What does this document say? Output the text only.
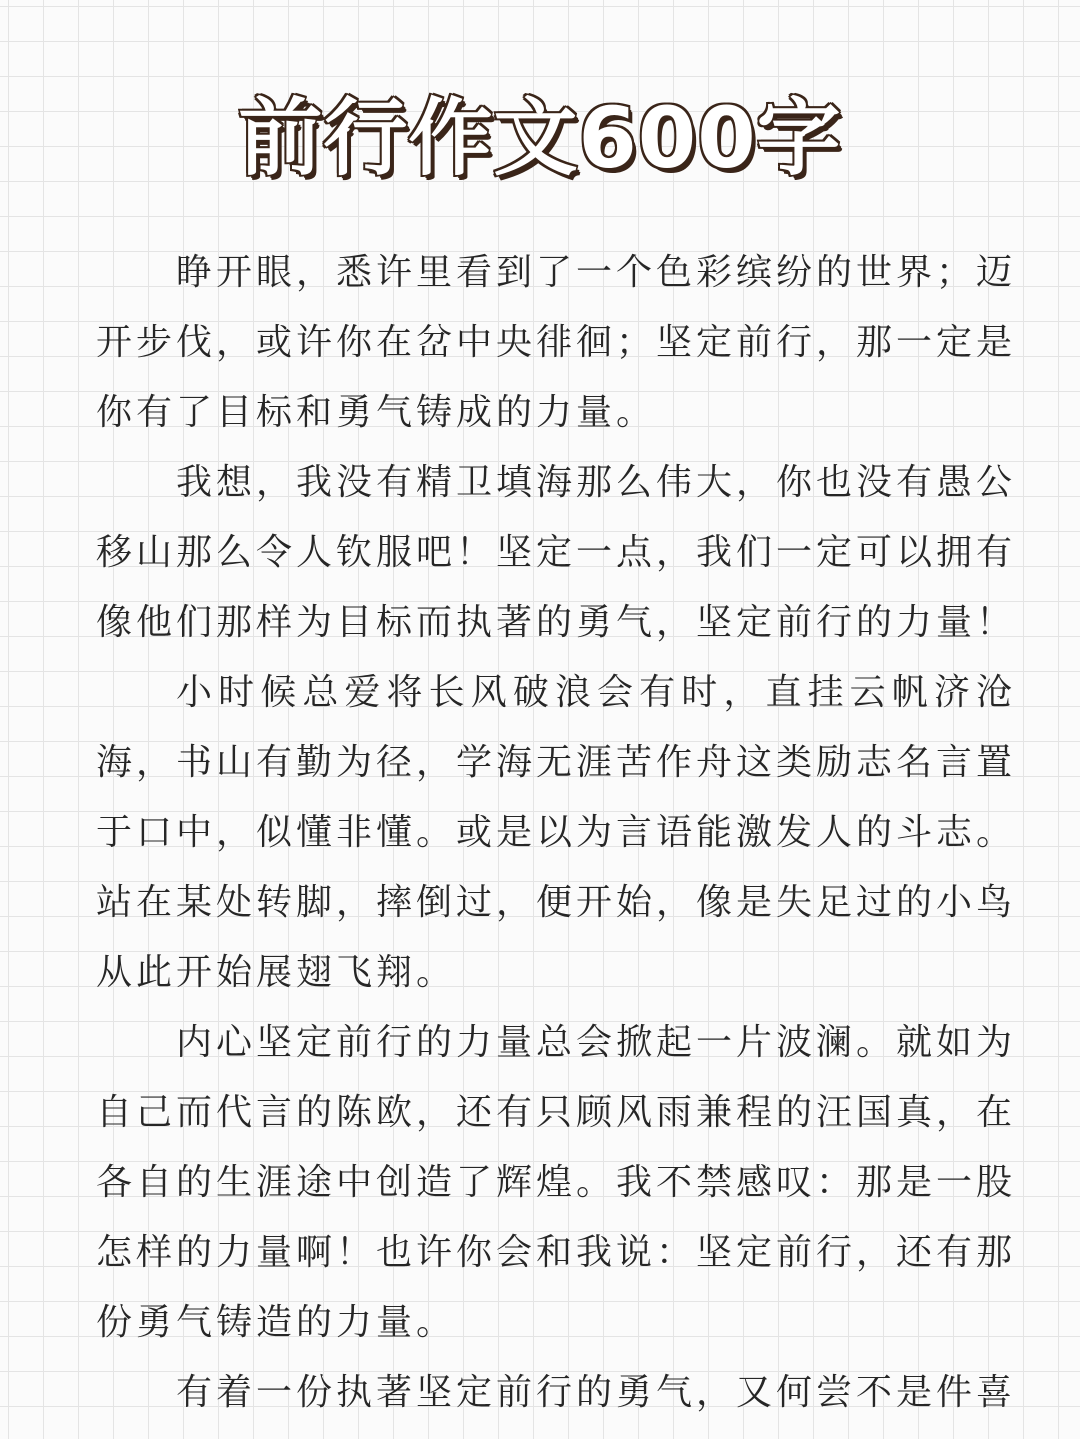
前行作文600字

睁开眼，悉许里看到了一个色彩缤纷的世界；迈开步伐，或许你在岔中央徘徊；坚定前行，那一定是你有了目标和勇气铸成的力量。

我想，我没有精卫填海那么伟大，你也没有愚公移山那么令人钦服吧！坚定一点，我们一定可以拥有像他们那样为目标而执著的勇气，坚定前行的力量！

小时候总爱将长风破浪会有时，直挂云帆济沧海，书山有勤为径，学海无涯苦作舟这类励志名言置于口中，似懂非懂。或是以为言语能激发人的斗志。站在某处转脚，摔倒过，便开始，像是失足过的小鸟从此开始展翅飞翔。

内心坚定前行的力量总会掀起一片波澜。就如为自己而代言的陈欧，还有只顾风雨兼程的汪国真，在各自的生涯途中创造了辉煌。我不禁感叹：那是一股怎样的力量啊！也许你会和我说：坚定前行，还有那份勇气铸造的力量。

有着一份执著坚定前行的勇气，又何尝不是件喜
